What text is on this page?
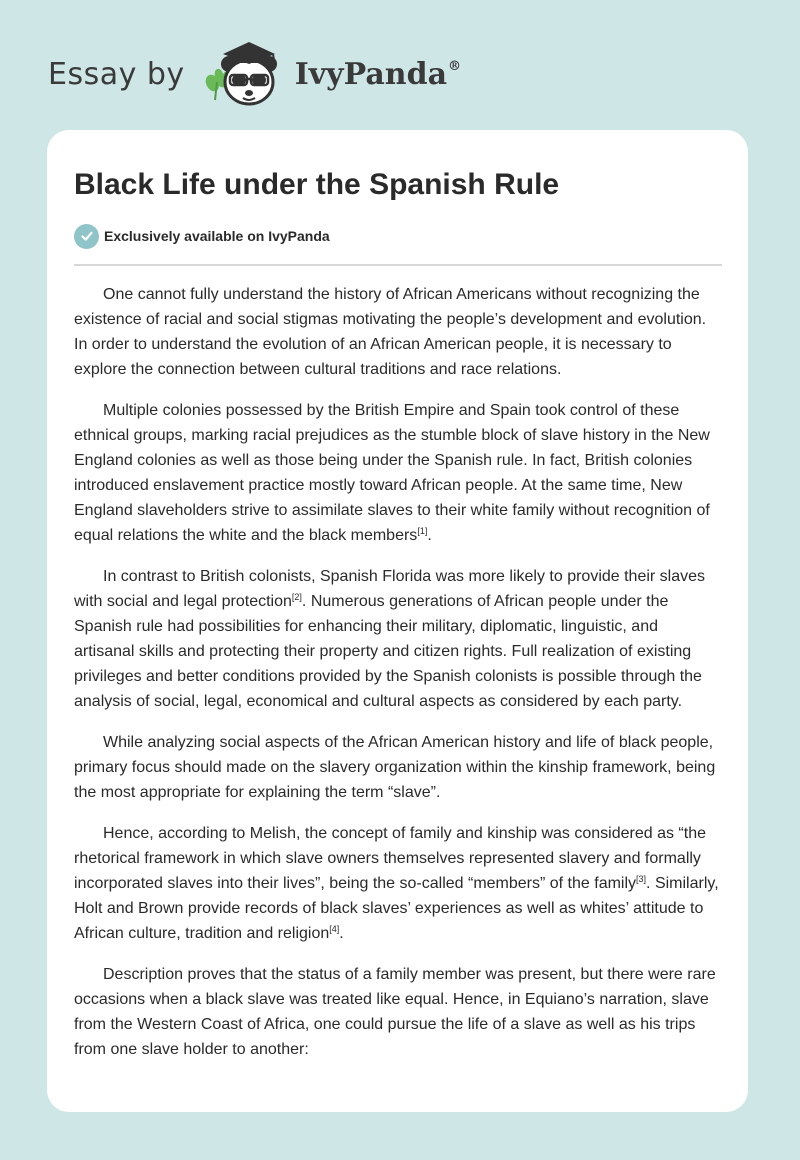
Essay by	IvyPanda®
Black Life under the Spanish Rule
Exclusively available on IvyPanda

One cannot fully understand the history of African Americans without recognizing the existence of racial and social stigmas motivating the people’s development and evolution. In order to understand the evolution of an African American people, it is necessary to explore the connection between cultural traditions and race relations.

Multiple colonies possessed by the British Empire and Spain took control of these ethnical groups, marking racial prejudices as the stumble block of slave history in the New England colonies as well as those being under the Spanish rule. In fact, British colonies introduced enslavement practice mostly toward African people. At the same time, New England slaveholders strive to assimilate slaves to their white family without recognition of equal relations the white and the black members[1].

In contrast to British colonists, Spanish Florida was more likely to provide their slaves with social and legal protection[2]. Numerous generations of African people under the Spanish rule had possibilities for enhancing their military, diplomatic, linguistic, and artisanal skills and protecting their property and citizen rights. Full realization of existing privileges and better conditions provided by the Spanish colonists is possible through the analysis of social, legal, economical and cultural aspects as considered by each party.

While analyzing social aspects of the African American history and life of black people, primary focus should made on the slavery organization within the kinship framework, being the most appropriate for explaining the term “slave”.

Hence, according to Melish, the concept of family and kinship was considered as “the rhetorical framework in which slave owners themselves represented slavery and formally incorporated slaves into their lives”, being the so-called “members” of the family[3]. Similarly, Holt and Brown provide records of black slaves’ experiences as well as whites’ attitude to African culture, tradition and religion[4].

Description proves that the status of a family member was present, but there were rare occasions when a black slave was treated like equal. Hence, in Equiano’s narration, slave from the Western Coast of Africa, one could pursue the life of a slave as well as his trips from one slave holder to another:
